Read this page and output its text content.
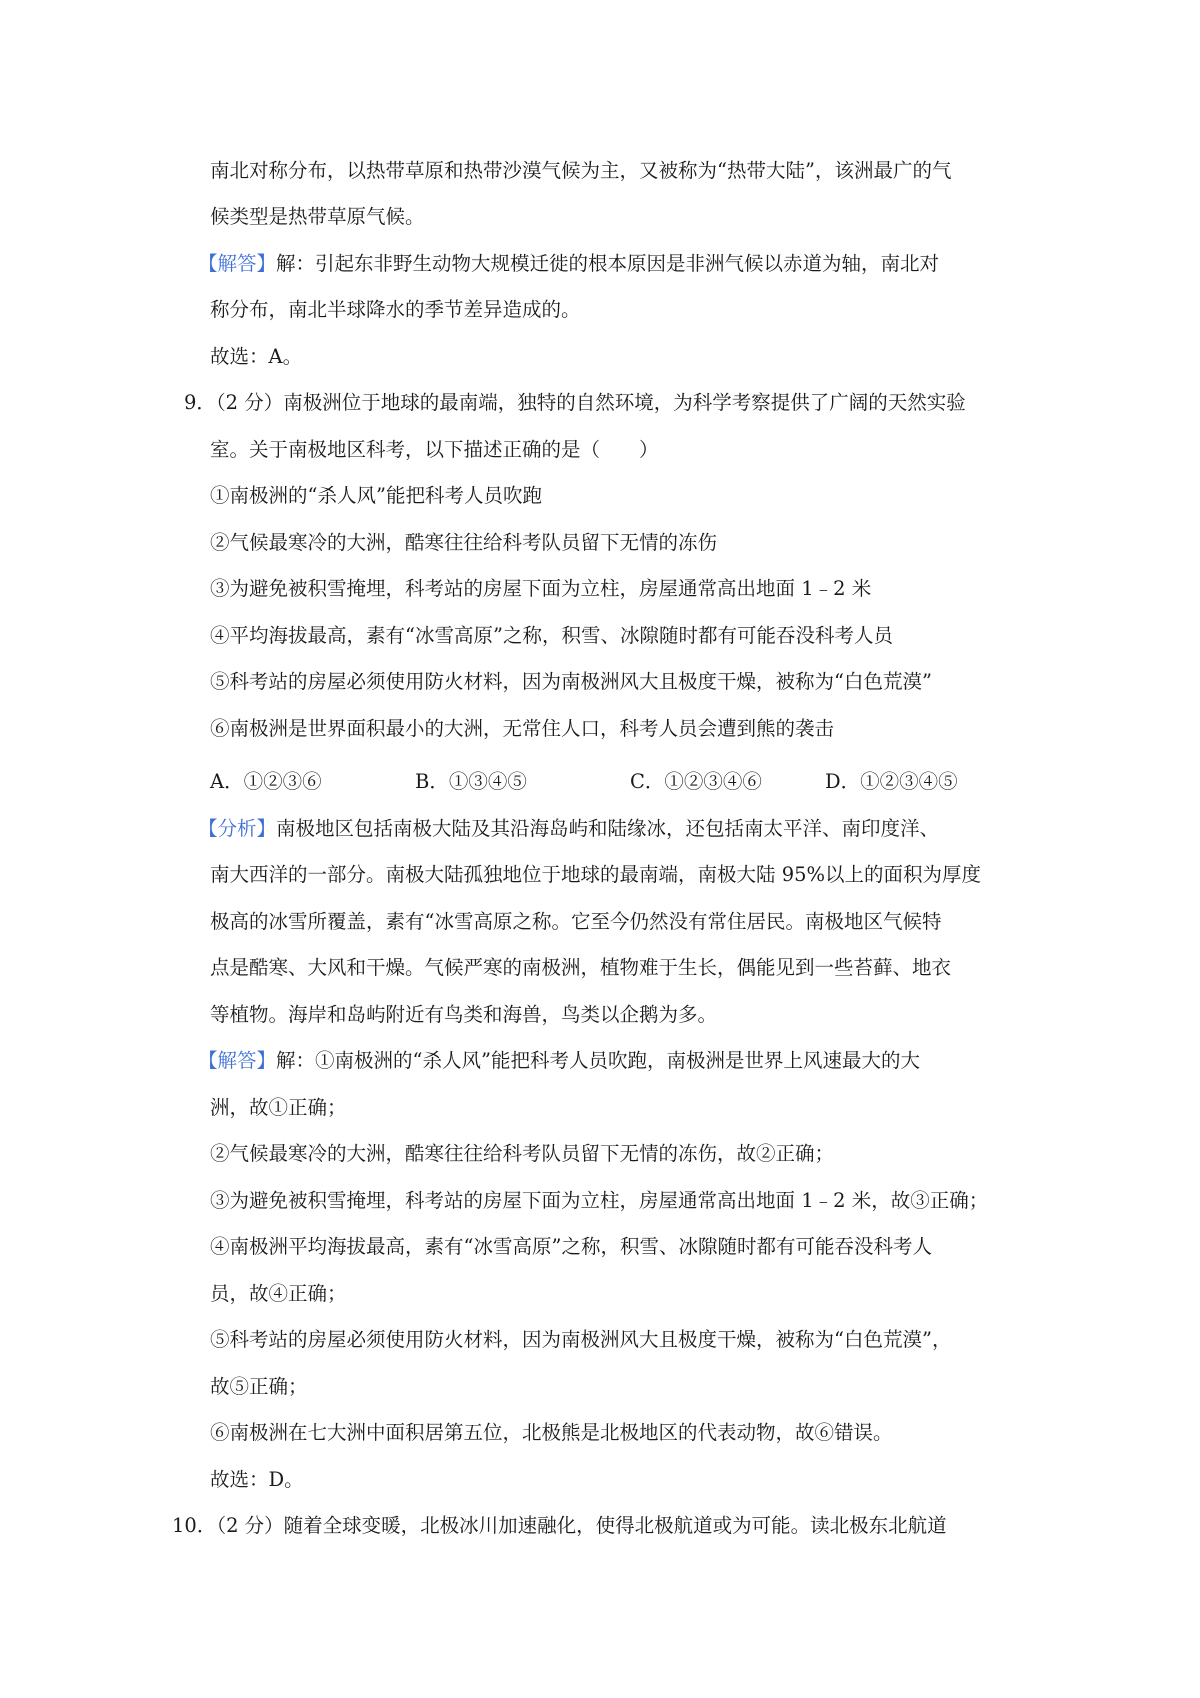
南北对称分布，以热带草原和热带沙漠气候为主，又被称为“热带大陆”，该洲最广的气
候类型是热带草原气候。
【解答】解：引起东非野生动物大规模迁徙的根本原因是非洲气候以赤道为轴，南北对
称分布，南北半球降水的季节差异造成的。
故选：A。
9．（2 分）南极洲位于地球的最南端，独特的自然环境，为科学考察提供了广阔的天然实验
室。关于南极地区科考，以下描述正确的是（　　）
①南极洲的“杀人风”能把科考人员吹跑
②气候最寒冷的大洲，酷寒往往给科考队员留下无情的冻伤
③为避免被积雪掩埋，科考站的房屋下面为立柱，房屋通常高出地面 1﹣2 米
④平均海拔最高，素有“冰雪高原”之称，积雪、冰隙随时都有可能吞没科考人员
⑤科考站的房屋必须使用防火材料，因为南极洲风大且极度干燥，被称为“白色荒漠”
⑥南极洲是世界面积最小的大洲，无常住人口，科考人员会遭到熊的袭击
A．①②③⑥	B．①③④⑤	C．①②③④⑥	D．①②③④⑤
【分析】南极地区包括南极大陆及其沿海岛屿和陆缘冰，还包括南太平洋、南印度洋、
南大西洋的一部分。南极大陆孤独地位于地球的最南端，南极大陆 95%以上的面积为厚度
极高的冰雪所覆盖，素有“冰雪高原之称。它至今仍然没有常住居民。南极地区气候特
点是酷寒、大风和干燥。气候严寒的南极洲，植物难于生长，偶能见到一些苔藓、地衣
等植物。海岸和岛屿附近有鸟类和海兽，鸟类以企鹅为多。
【解答】解：①南极洲的“杀人风”能把科考人员吹跑，南极洲是世界上风速最大的大
洲，故①正确；
②气候最寒冷的大洲，酷寒往往给科考队员留下无情的冻伤，故②正确；
③为避免被积雪掩埋，科考站的房屋下面为立柱，房屋通常高出地面 1﹣2 米，故③正确；
④南极洲平均海拔最高，素有“冰雪高原”之称，积雪、冰隙随时都有可能吞没科考人
员，故④正确；
⑤科考站的房屋必须使用防火材料，因为南极洲风大且极度干燥，被称为“白色荒漠”，
故⑤正确；
⑥南极洲在七大洲中面积居第五位，北极熊是北极地区的代表动物，故⑥错误。
故选：D。
10．（2 分）随着全球变暖，北极冰川加速融化，使得北极航道或为可能。读北极东北航道
